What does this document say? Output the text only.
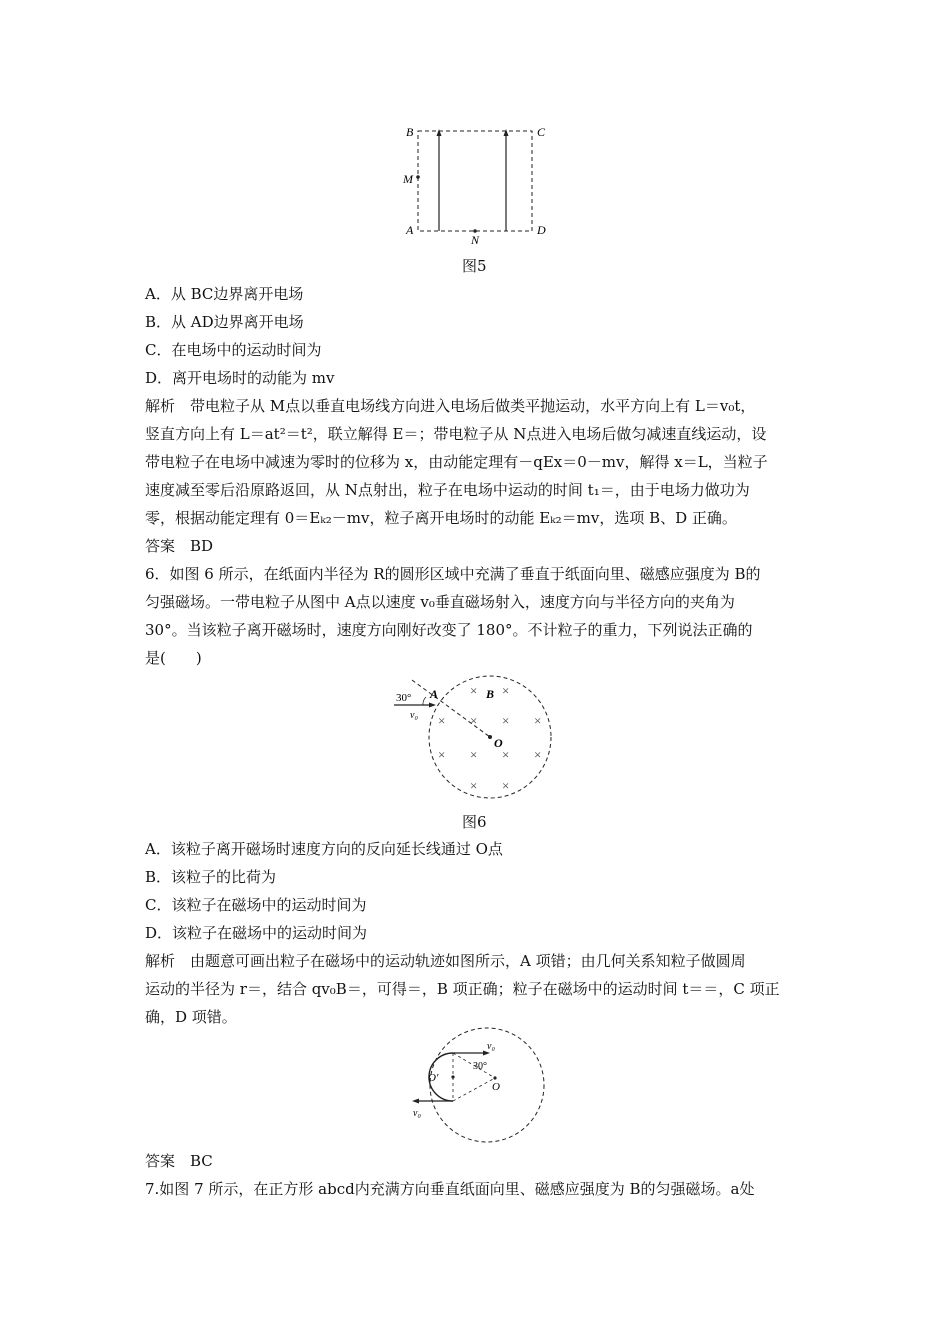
B	C
M
A
N
D
图5
A．从 BC边界离开电场
B．从 AD边界离开电场
C．在电场中的运动时间为
D．离开电场时的动能为 mv
解析　带电粒子从 M点以垂直电场线方向进入电场后做类平抛运动，水平方向上有 L＝v₀t，
竖直方向上有 L＝at²＝t²，联立解得 E＝；带电粒子从 N点进入电场后做匀减速直线运动，设
带电粒子在电场中减速为零时的位移为 x，由动能定理有－qEx＝0－mv，解得 x＝L，当粒子
速度减至零后沿原路返回，从 N点射出，粒子在电场中运动的时间 t₁＝，由于电场力做功为
零，根据动能定理有 0＝Eₖ₂－mv，粒子离开电场时的动能 Eₖ₂＝mv，选项 B、D 正确。
答案　BD
6．如图 6 所示，在纸面内半径为 R的圆形区域中充满了垂直于纸面向里、磁感应强度为 B的
匀强磁场。一带电粒子从图中 A点以速度 v₀垂直磁场射入，速度方向与半径方向的夹角为
30°。当该粒子离开磁场时，速度方向刚好改变了 180°。不计粒子的重力，下列说法正确的
是(　　)
30° A
v₀
B
O
× ×
× × × ×
× × × ×
× ×
图6
A．该粒子离开磁场时速度方向的反向延长线通过 O点
B．该粒子的比荷为
C．该粒子在磁场中的运动时间为
D．该粒子在磁场中的运动时间为
解析　由题意可画出粒子在磁场中的运动轨迹如图所示，A 项错；由几何关系知粒子做圆周
运动的半径为 r＝，结合 qv₀B＝，可得＝，B 项正确；粒子在磁场中的运动时间 t＝＝，C 项正
确，D 项错。
v₀
30°
O
O′
v₀
答案　BC
7.如图 7 所示，在正方形 abcd内充满方向垂直纸面向里、磁感应强度为 B的匀强磁场。a处
